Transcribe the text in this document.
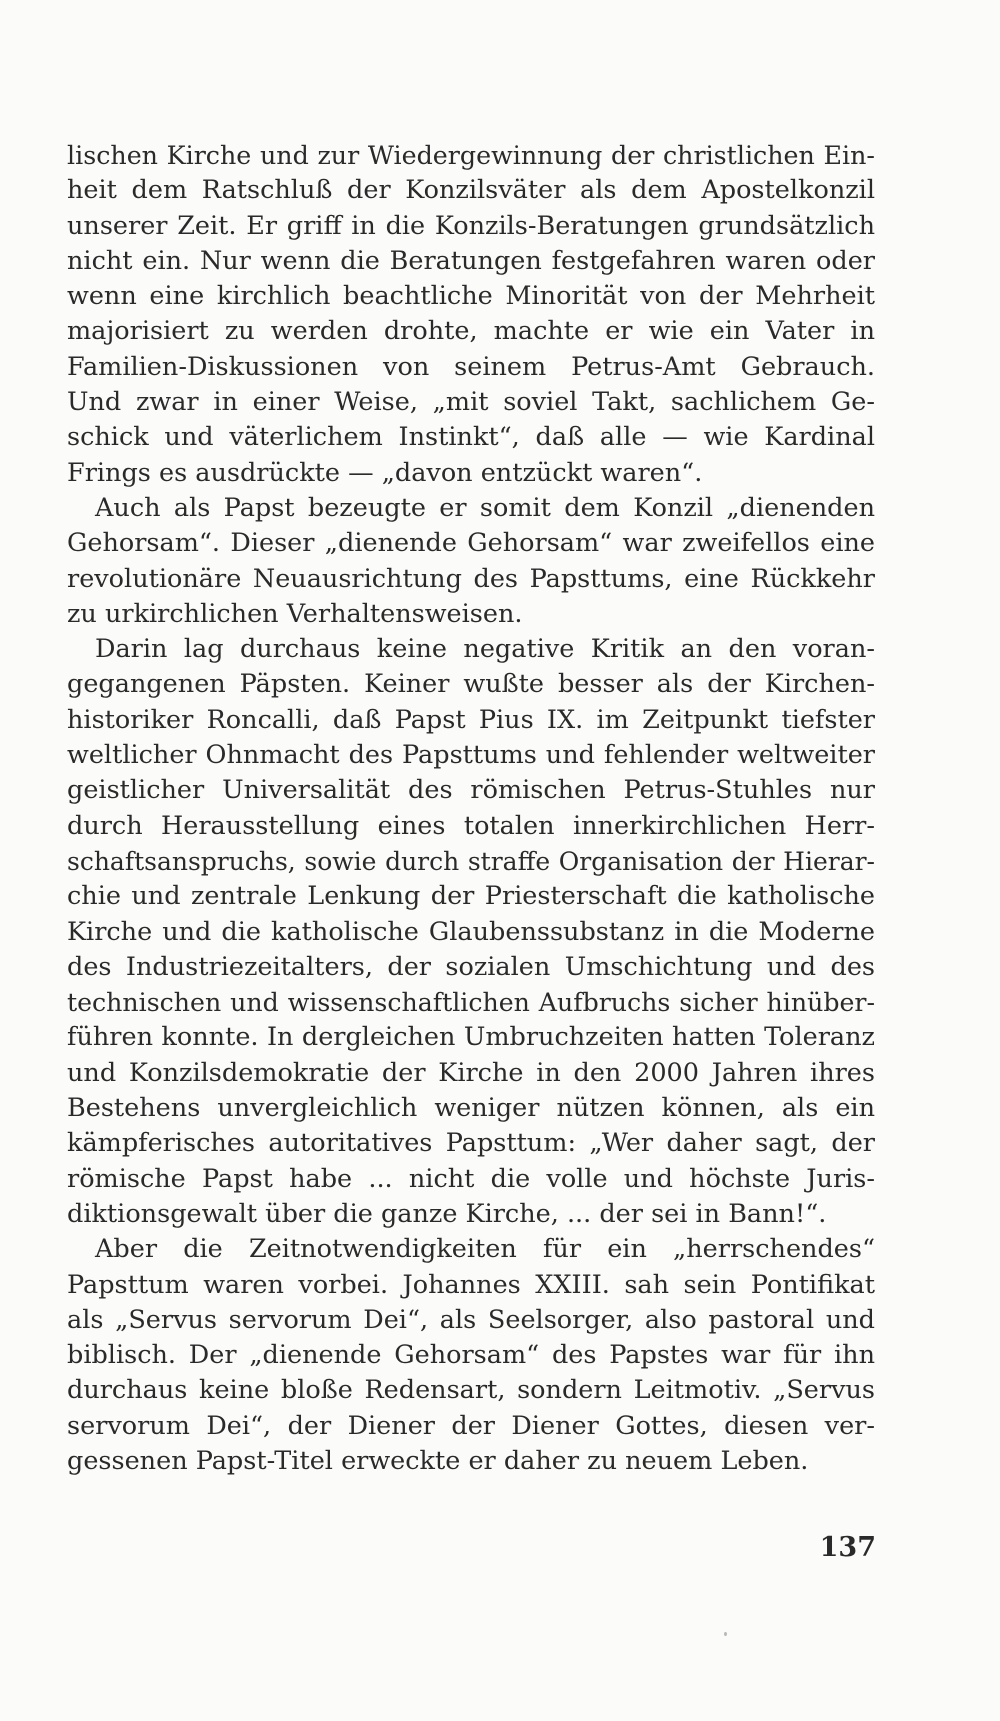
lischen Kirche und zur Wiedergewinnung der christlichen Ein-
heit dem Ratschluß der Konzilsväter als dem Apostelkonzil
unserer Zeit. Er griff in die Konzils-Beratungen grundsätzlich
nicht ein. Nur wenn die Beratungen festgefahren waren oder
wenn eine kirchlich beachtliche Minorität von der Mehrheit
majorisiert zu werden drohte, machte er wie ein Vater in
Familien-Diskussionen von seinem Petrus-Amt Gebrauch.
Und zwar in einer Weise, „mit soviel Takt, sachlichem Ge-
schick und väterlichem Instinkt“, daß alle — wie Kardinal
Frings es ausdrückte — „davon entzückt waren“.
Auch als Papst bezeugte er somit dem Konzil „dienenden
Gehorsam“. Dieser „dienende Gehorsam“ war zweifellos eine
revolutionäre Neuausrichtung des Papsttums, eine Rückkehr
zu urkirchlichen Verhaltensweisen.
Darin lag durchaus keine negative Kritik an den voran-
gegangenen Päpsten. Keiner wußte besser als der Kirchen-
historiker Roncalli, daß Papst Pius IX. im Zeitpunkt tiefster
weltlicher Ohnmacht des Papsttums und fehlender weltweiter
geistlicher Universalität des römischen Petrus-Stuhles nur
durch Herausstellung eines totalen innerkirchlichen Herr-
schaftsanspruchs, sowie durch straffe Organisation der Hierar-
chie und zentrale Lenkung der Priesterschaft die katholische
Kirche und die katholische Glaubenssubstanz in die Moderne
des Industriezeitalters, der sozialen Umschichtung und des
technischen und wissenschaftlichen Aufbruchs sicher hinüber-
führen konnte. In dergleichen Umbruchzeiten hatten Toleranz
und Konzilsdemokratie der Kirche in den 2000 Jahren ihres
Bestehens unvergleichlich weniger nützen können, als ein
kämpferisches autoritatives Papsttum: „Wer daher sagt, der
römische Papst habe ... nicht die volle und höchste Juris-
diktionsgewalt über die ganze Kirche, ... der sei in Bann!“.
Aber die Zeitnotwendigkeiten für ein „herrschendes“
Papsttum waren vorbei. Johannes XXIII. sah sein Pontifikat
als „Servus servorum Dei“, als Seelsorger, also pastoral und
biblisch. Der „dienende Gehorsam“ des Papstes war für ihn
durchaus keine bloße Redensart, sondern Leitmotiv. „Servus
servorum Dei“, der Diener der Diener Gottes, diesen ver-
gessenen Papst-Titel erweckte er daher zu neuem Leben.
137
